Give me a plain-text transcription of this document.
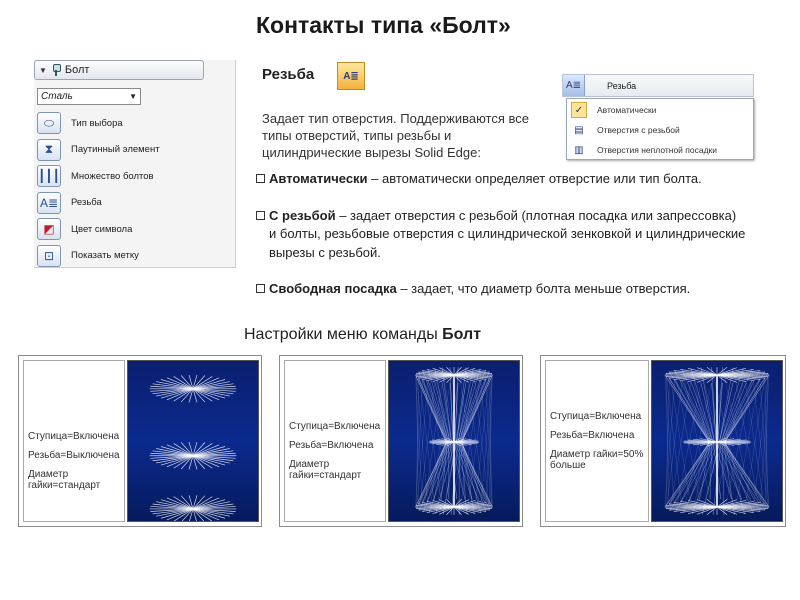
Контакты типа «Болт»
▼ Болт
Сталь	▼
⬭	Тип выбора
⧗	Паутинный элемент
┃┃┃ Множество болтов
A≣	Резьба
◩	Цвет символа
⊡	Показать метку
Резьба	A≣
A≣	Резьба
✓	Автоматически
▤	Отверстия с резьбой
▥	Отверстия неплотной посадки
Задает тип отверстия. Поддерживаются все типы отверстий, типы резьбы и цилиндрические вырезы Solid Edge:
Автоматически – автоматически определяет отверстие или тип болта.
С резьбой – задает отверстия с резьбой (плотная посадка или запрессовка) и болты, резьбовые отверстия с цилиндрической зенковкой и цилиндрические вырезы с резьбой.
Свободная посадка – задает, что диаметр болта меньше отверстия.
Настройки меню команды Болт

Ступица=Включена

Резьба=Выключена

Диаметр гайки=стандарт

Ступица=Включена

Резьба=Включена

Диаметр гайки=стандарт

Ступица=Включена

Резьба=Включена

Диаметр гайки=50% больше
